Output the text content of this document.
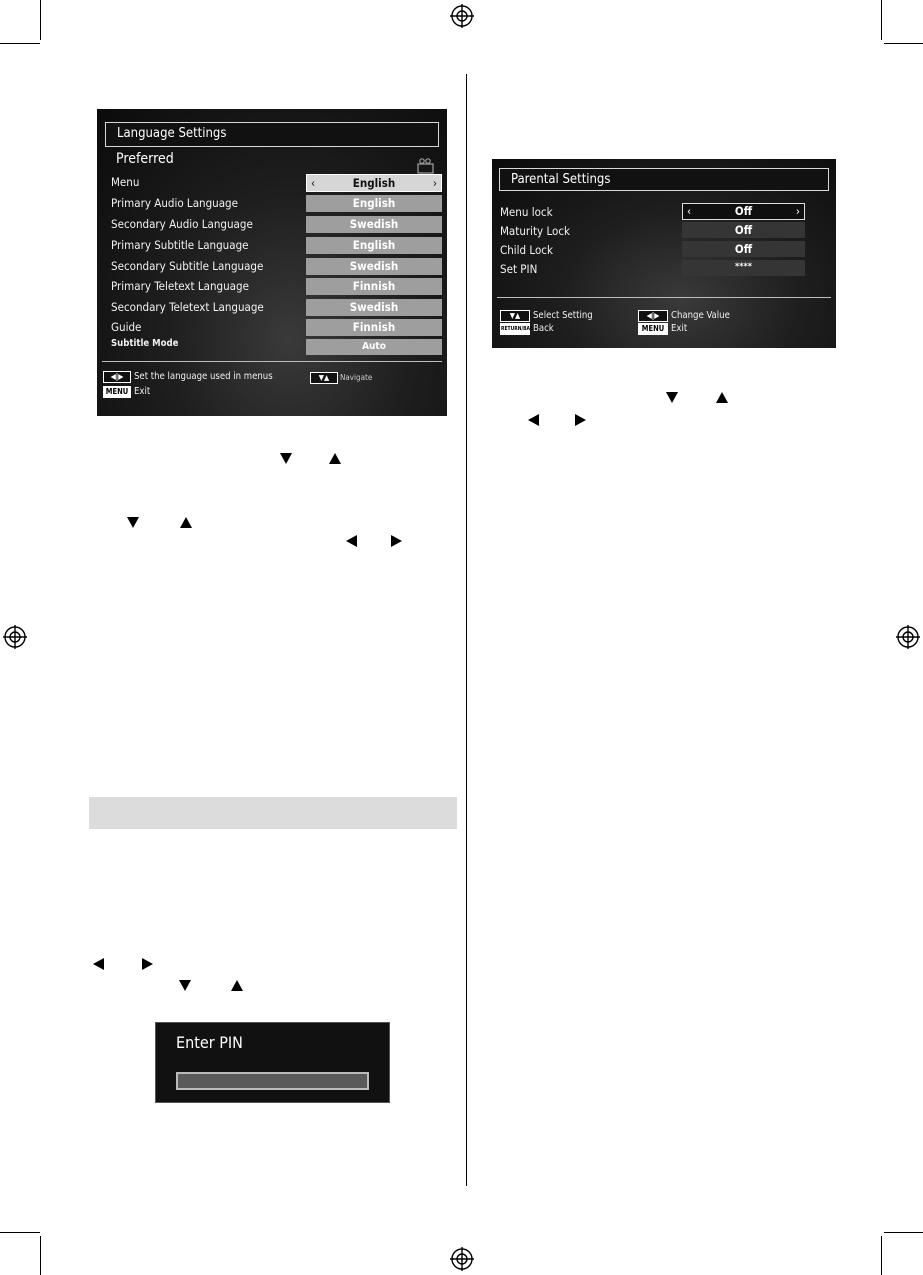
Language Settings
Preferred
Menu	‹	English	›
Primary Audio Language	English
Secondary Audio Language	Swedish
Primary Subtitle Language	English
Secondary Subtitle Language	Swedish
Primary Teletext Language	Finnish
Secondary Teletext Language	Swedish
Guide	Finnish
Subtitle Mode	Auto
◀|▶	Set the language used in menus
MENU Exit
▼▲	Navigate
Parental Settings
Menu lock	‹	Off	›
Maturity Lock	Off
Child Lock	Off
Set PIN	****
▼▲	Select Setting
RETURN/BACK
Back
◀|▶	Change Value
MENU Exit
Enter PIN
